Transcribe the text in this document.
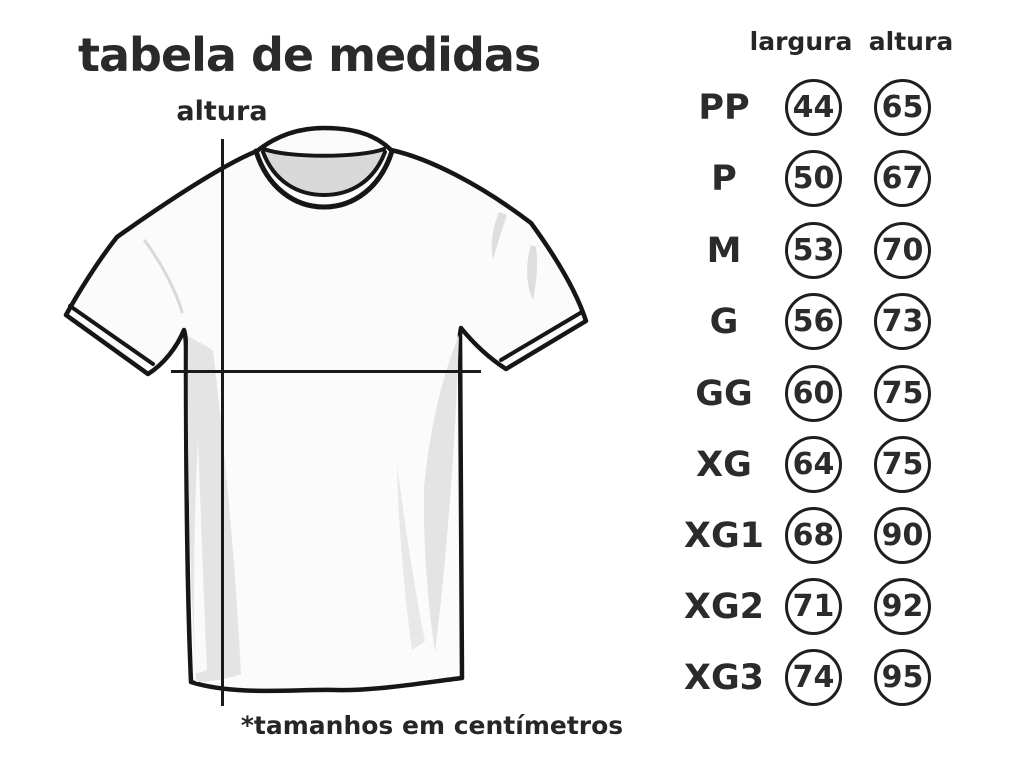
tabela de medidas
altura
*tamanhos em centímetros
largura altura
PP	44 65
P	50 67
M	53 70
G	56 73
GG	60 75
XG	64 75
XG1 68 90
XG2 71 92
XG3 74 95
